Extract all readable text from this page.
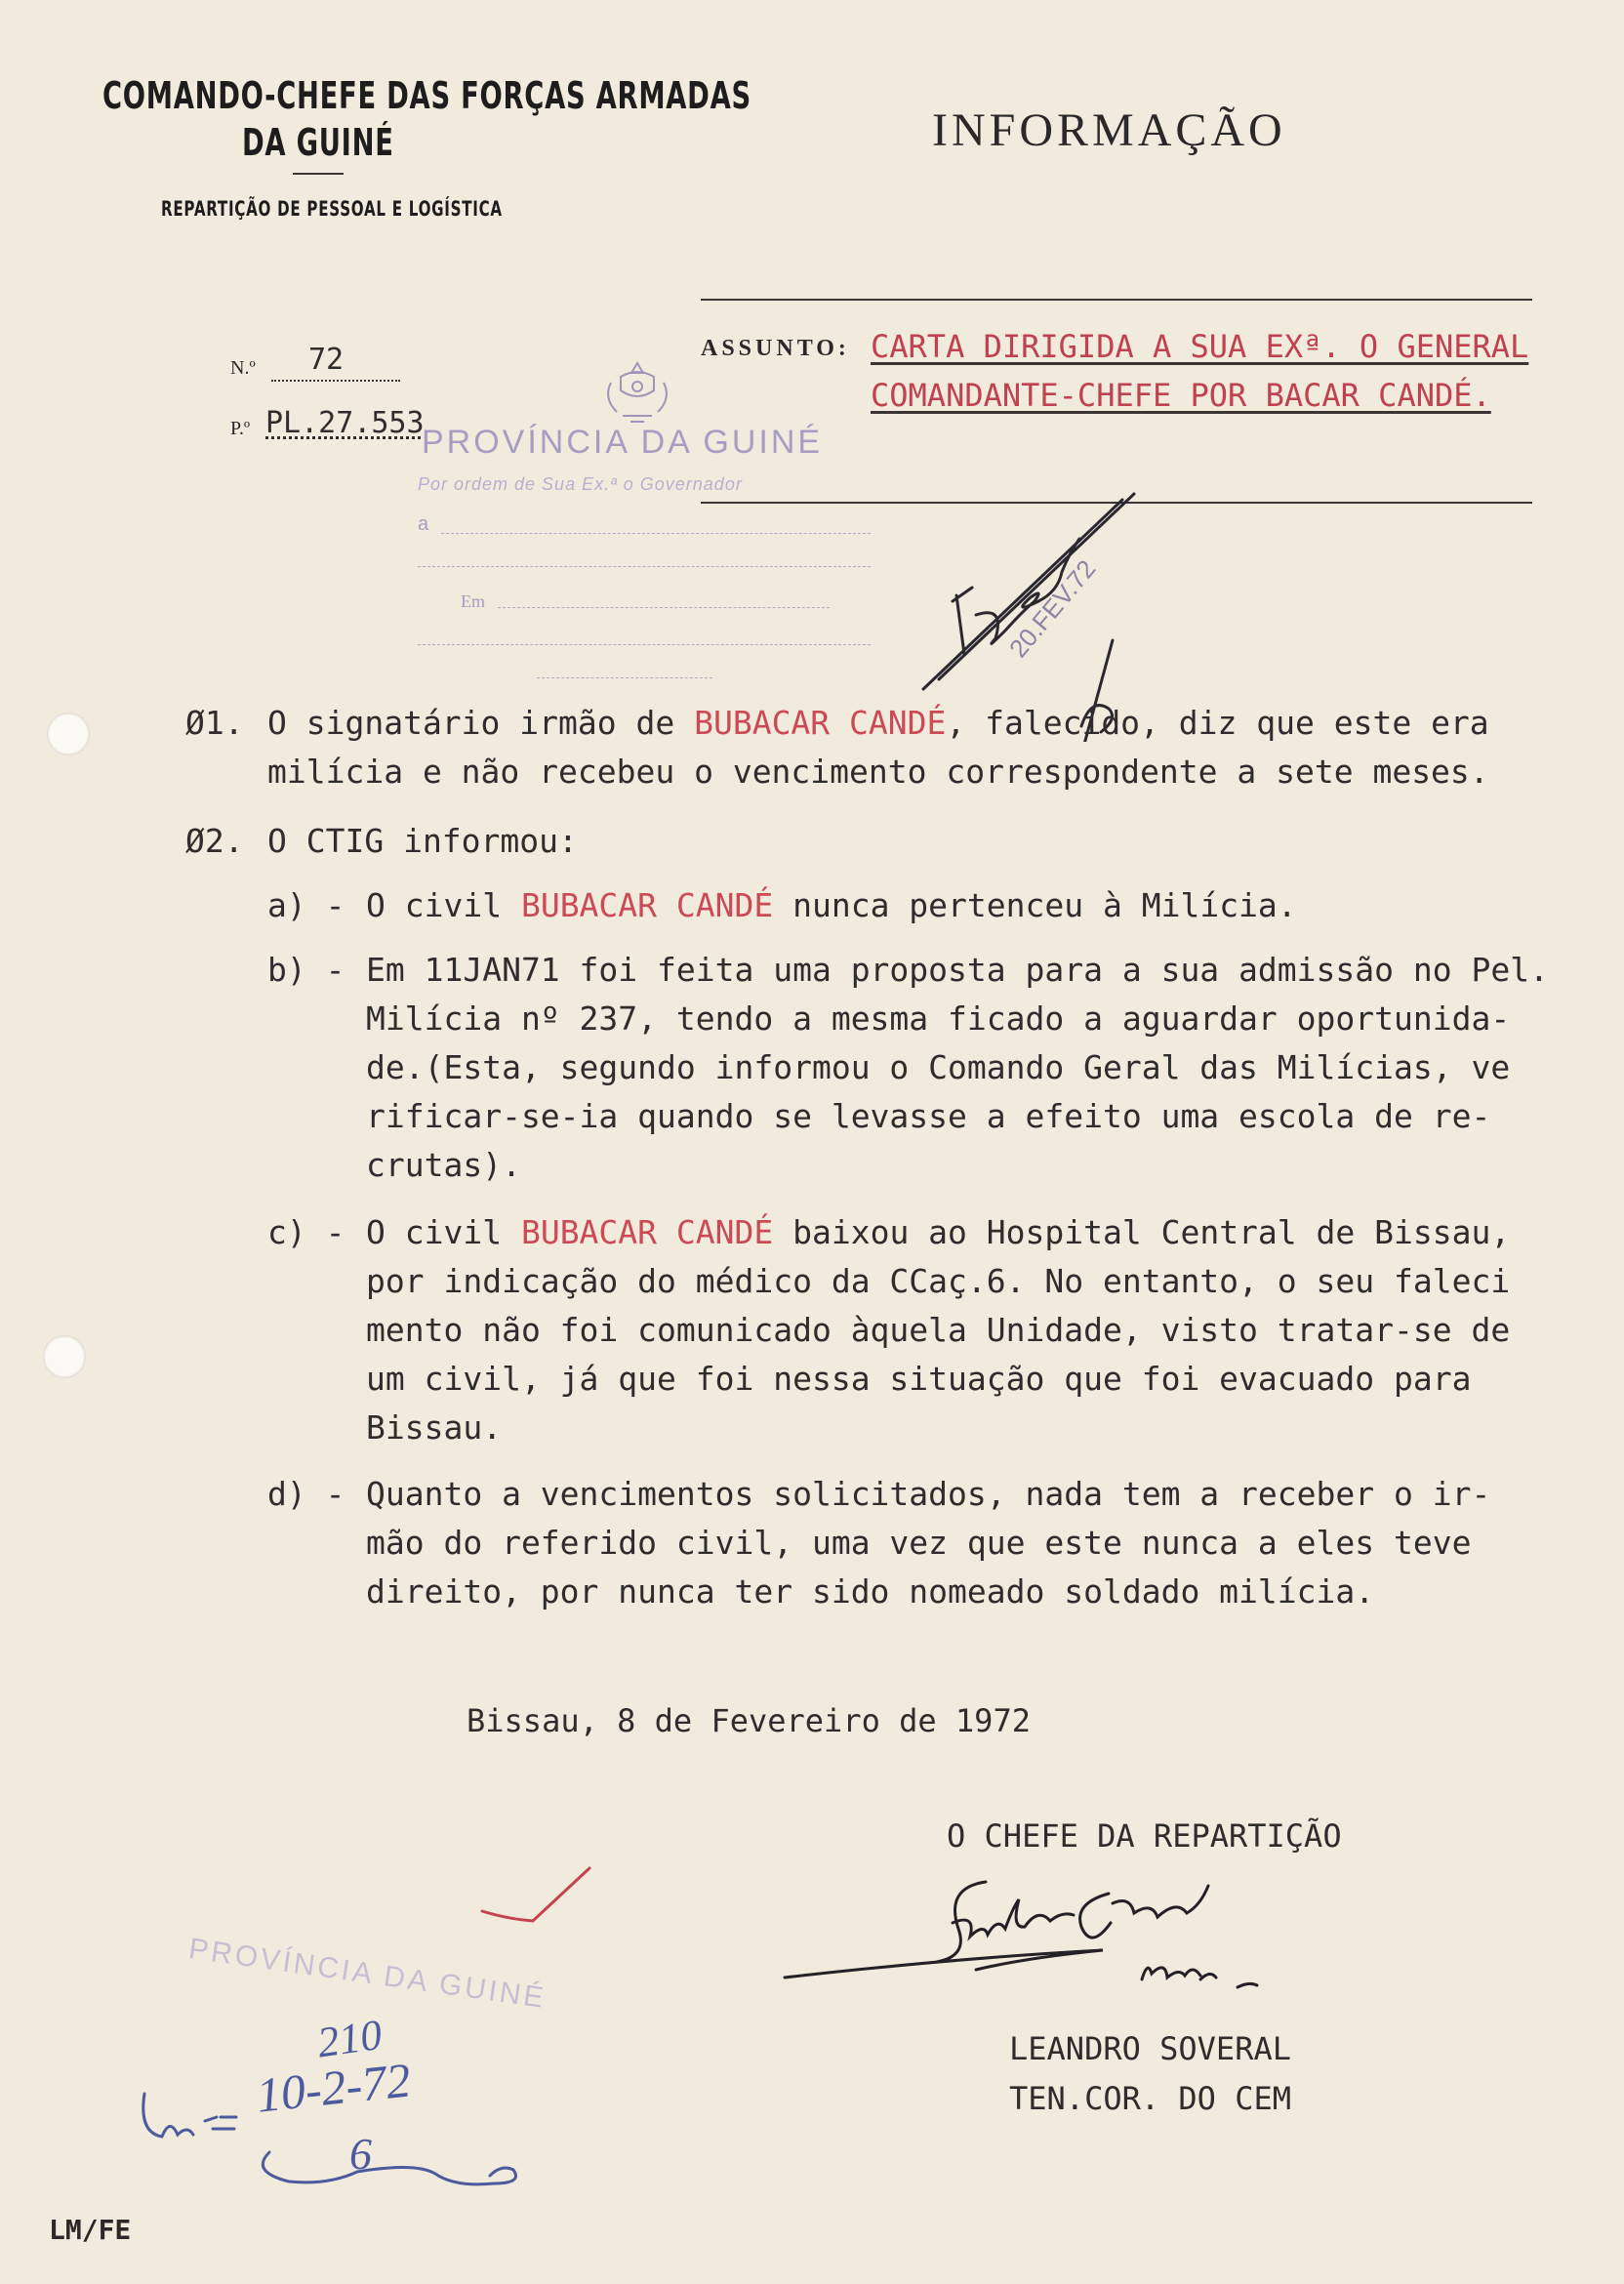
COMANDO-CHEFE DAS FORÇAS ARMADAS
DA GUINÉ
REPARTIÇÃO DE PESSOAL E LOGÍSTICA
INFORMAÇÃO
N.º 72
P.º PL.27.553
ASSUNTO: CARTA DIRIGIDA A SUA EXª. O GENERAL
COMANDANTE-CHEFE POR BACAR CANDÉ.
PROVÍNCIA DA GUINÉ
Por ordem de Sua Ex.ª o Governador
a
Em	20.FEV.72
Ø1. O signatário irmão de BUBACAR CANDÉ, falecido, diz que este era
milícia e não recebeu o vencimento correspondente a sete meses.
Ø2. O CTIG informou:
a) - O civil BUBACAR CANDÉ nunca pertenceu à Milícia.
b) - Em 11JAN71 foi feita uma proposta para a sua admissão no Pel.
Milícia nº 237, tendo a mesma ficado a aguardar oportunida-
de.(Esta, segundo informou o Comando Geral das Milícias, ve
rificar-se-ia quando se levasse a efeito uma escola de re-
crutas).
c) - O civil BUBACAR CANDÉ baixou ao Hospital Central de Bissau,
por indicação do médico da CCaç.6. No entanto, o seu faleci
mento não foi comunicado àquela Unidade, visto tratar-se de
um civil, já que foi nessa situação que foi evacuado para
Bissau.
d) - Quanto a vencimentos solicitados, nada tem a receber o ir-
mão do referido civil, uma vez que este nunca a eles teve
direito, por nunca ter sido nomeado soldado milícia.
Bissau, 8 de Fevereiro de 1972
O CHEFE DA REPARTIÇÃO
LEANDRO SOVERAL
TEN.COR. DO CEM
PROVÍNCIA DA GUINÉ
210
10-2-72
6
LM/FE
